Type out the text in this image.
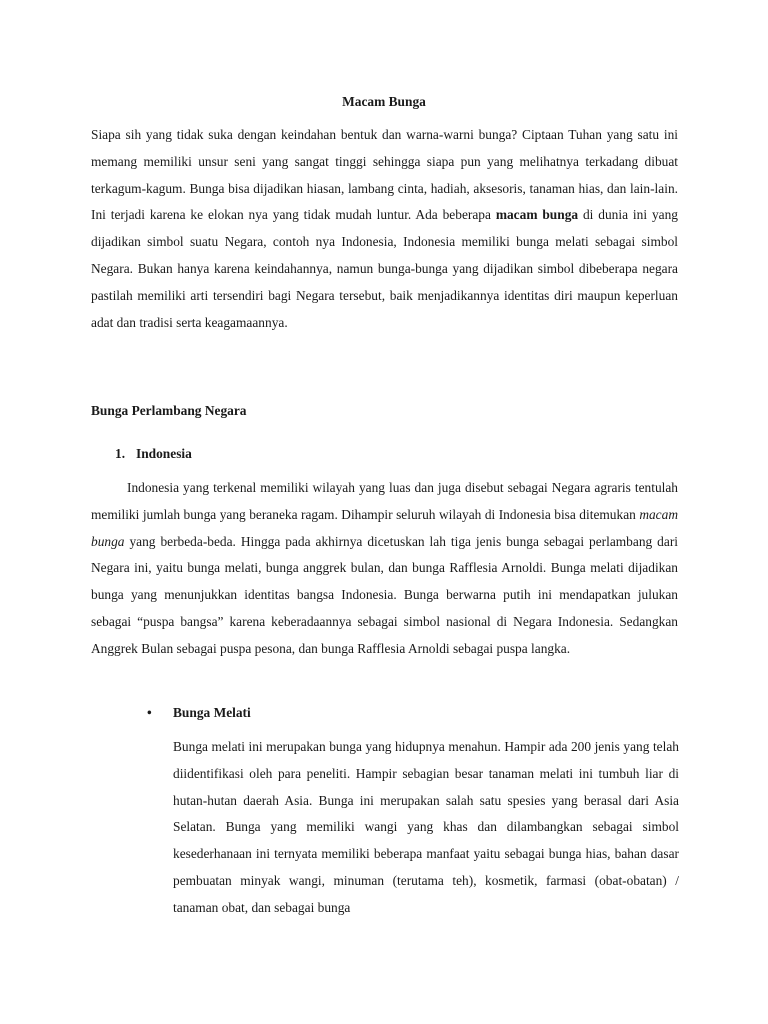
Macam Bunga

Siapa sih yang tidak suka dengan keindahan bentuk dan warna-warni bunga? Ciptaan Tuhan yang satu ini memang memiliki unsur seni yang sangat tinggi sehingga siapa pun yang melihatnya terkadang dibuat terkagum-kagum. Bunga bisa dijadikan hiasan, lambang cinta, hadiah, aksesoris, tanaman hias, dan lain-lain. Ini terjadi karena ke elokan nya yang tidak mudah luntur. Ada beberapa macam bunga di dunia ini yang dijadikan simbol suatu Negara, contoh nya Indonesia, Indonesia memiliki bunga melati sebagai simbol Negara. Bukan hanya karena keindahannya, namun bunga-bunga yang dijadikan simbol dibeberapa negara pastilah memiliki arti tersendiri bagi Negara tersebut, baik menjadikannya identitas diri maupun keperluan adat dan tradisi serta keagamaannya.

Bunga Perlambang Negara
1. Indonesia

Indonesia yang terkenal memiliki wilayah yang luas dan juga disebut sebagai Negara agraris tentulah memiliki jumlah bunga yang beraneka ragam. Dihampir seluruh wilayah di Indonesia bisa ditemukan macam bunga yang berbeda-beda. Hingga pada akhirnya dicetuskan lah tiga jenis bunga sebagai perlambang dari Negara ini, yaitu bunga melati, bunga anggrek bulan, dan bunga Rafflesia Arnoldi. Bunga melati dijadikan bunga yang menunjukkan identitas bangsa Indonesia. Bunga berwarna putih ini mendapatkan julukan sebagai “puspa bangsa” karena keberadaannya sebagai simbol nasional di Negara Indonesia. Sedangkan Anggrek Bulan sebagai puspa pesona, dan bunga Rafflesia Arnoldi sebagai puspa langka.

• Bunga Melati

Bunga melati ini merupakan bunga yang hidupnya menahun. Hampir ada 200 jenis yang telah diidentifikasi oleh para peneliti. Hampir sebagian besar tanaman melati ini tumbuh liar di hutan-hutan daerah Asia. Bunga ini merupakan salah satu spesies yang berasal dari Asia Selatan. Bunga yang memiliki wangi yang khas dan dilambangkan sebagai simbol kesederhanaan ini ternyata memiliki beberapa manfaat yaitu sebagai bunga hias, bahan dasar pembuatan minyak wangi, minuman (terutama teh), kosmetik, farmasi (obat-obatan) / tanaman obat, dan sebagai bunga
